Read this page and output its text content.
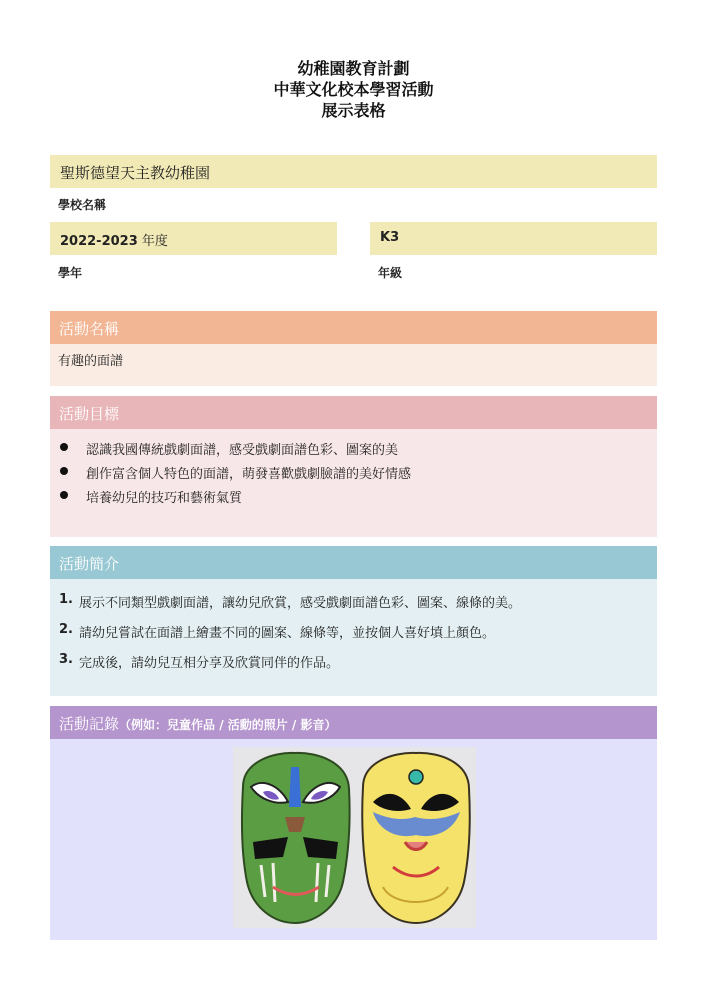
幼稚園教育計劃
中華文化校本學習活動
展示表格
聖斯德望天主教幼稚園
學校名稱
2022-2023 年度
學年
K3
年級
活動名稱
有趣的面譜
活動目標
認識我國傳統戲劇面譜，感受戲劇面譜色彩、圖案的美
創作富含個人特色的面譜，萌發喜歡戲劇臉譜的美好情感
培養幼兒的技巧和藝術氣質
活動簡介
1. 展示不同類型戲劇面譜，讓幼兒欣賞，感受戲劇面譜色彩、圖案、線條的美。
2. 請幼兒嘗試在面譜上繪畫不同的圖案、線條等，並按個人喜好填上顏色。
3. 完成後，請幼兒互相分享及欣賞同伴的作品。
活動記錄（例如：兒童作品 / 活動的照片 / 影音）
